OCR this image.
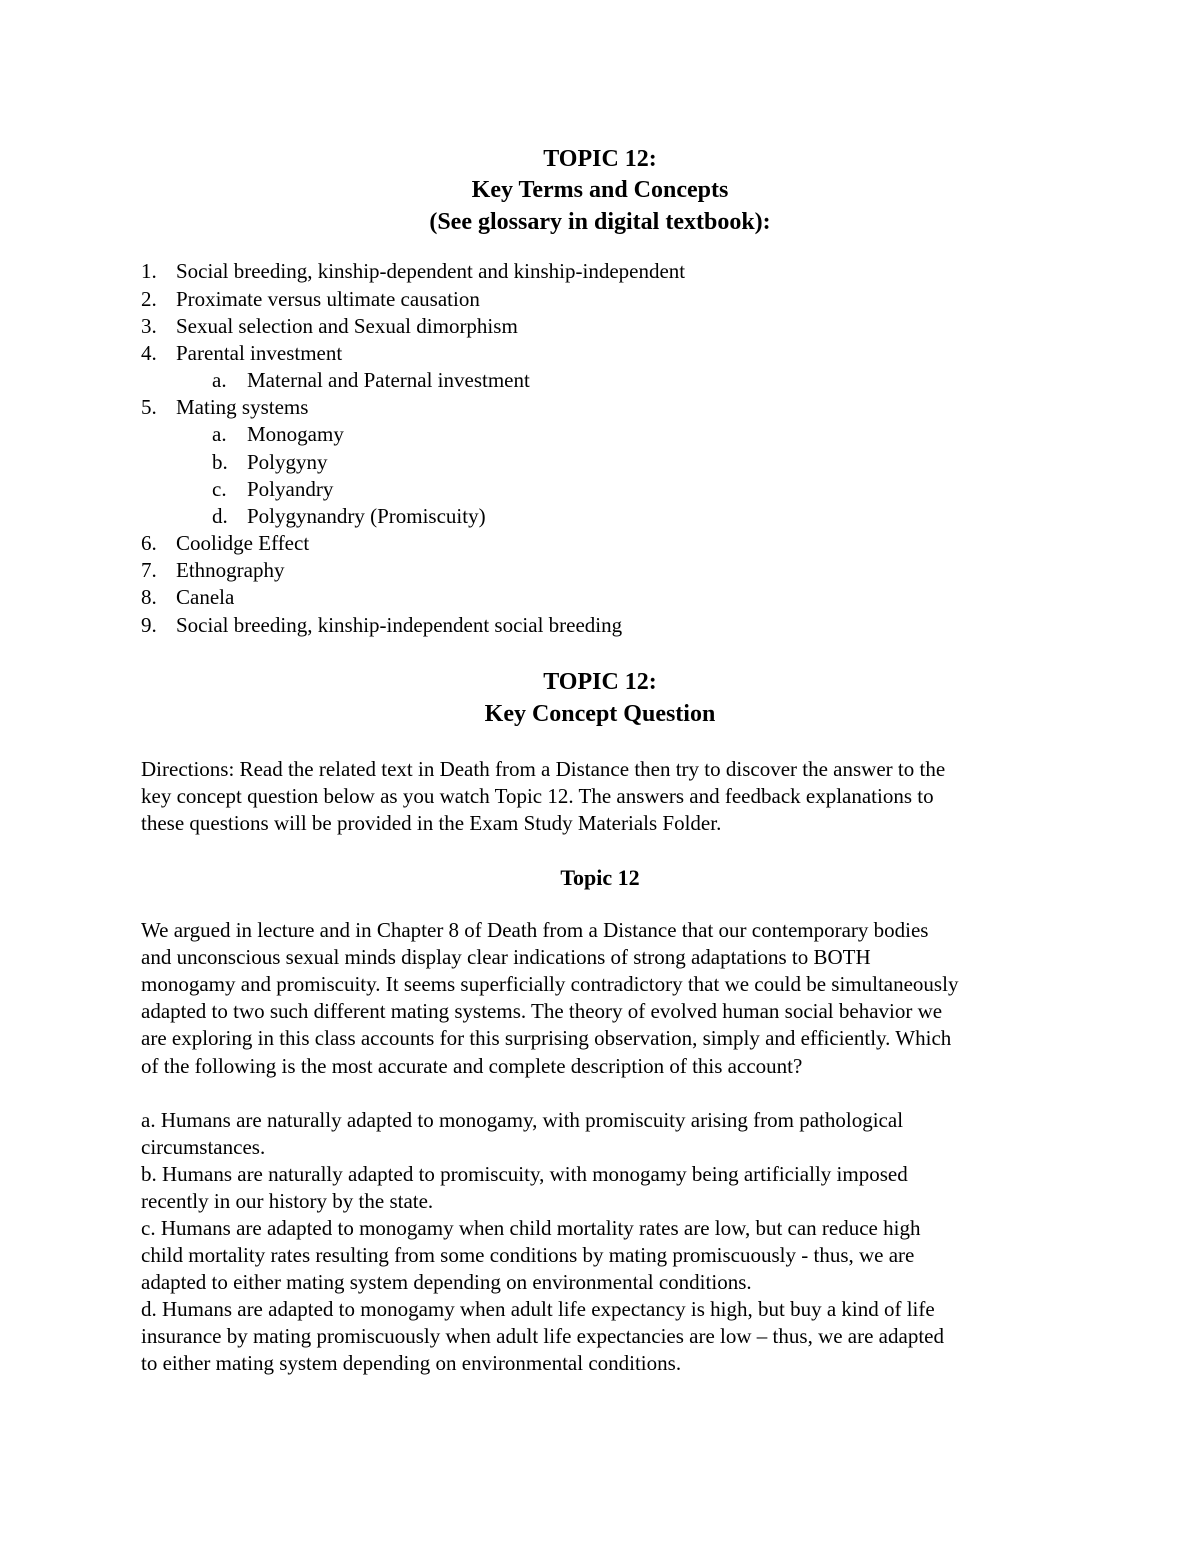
TOPIC 12:
Key Terms and Concepts
(See glossary in digital textbook):
1. Social breeding, kinship-dependent and kinship-independent
2. Proximate versus ultimate causation
3. Sexual selection and Sexual dimorphism
4. Parental investment
a. Maternal and Paternal investment
5. Mating systems
a. Monogamy
b. Polygyny
c. Polyandry
d. Polygynandry (Promiscuity)
6. Coolidge Effect
7. Ethnography
8. Canela
9. Social breeding, kinship-independent social breeding
TOPIC 12:
Key Concept Question
Directions: Read the related text in Death from a Distance then try to discover the answer to the
key concept question below as you watch Topic 12. The answers and feedback explanations to
these questions will be provided in the Exam Study Materials Folder.
Topic 12
We argued in lecture and in Chapter 8 of Death from a Distance that our contemporary bodies
and unconscious sexual minds display clear indications of strong adaptations to BOTH
monogamy and promiscuity. It seems superficially contradictory that we could be simultaneously
adapted to two such different mating systems. The theory of evolved human social behavior we
are exploring in this class accounts for this surprising observation, simply and efficiently. Which
of the following is the most accurate and complete description of this account?
a. Humans are naturally adapted to monogamy, with promiscuity arising from pathological
circumstances.
b. Humans are naturally adapted to promiscuity, with monogamy being artificially imposed
recently in our history by the state.
c. Humans are adapted to monogamy when child mortality rates are low, but can reduce high
child mortality rates resulting from some conditions by mating promiscuously - thus, we are
adapted to either mating system depending on environmental conditions.
d. Humans are adapted to monogamy when adult life expectancy is high, but buy a kind of life
insurance by mating promiscuously when adult life expectancies are low – thus, we are adapted
to either mating system depending on environmental conditions.
